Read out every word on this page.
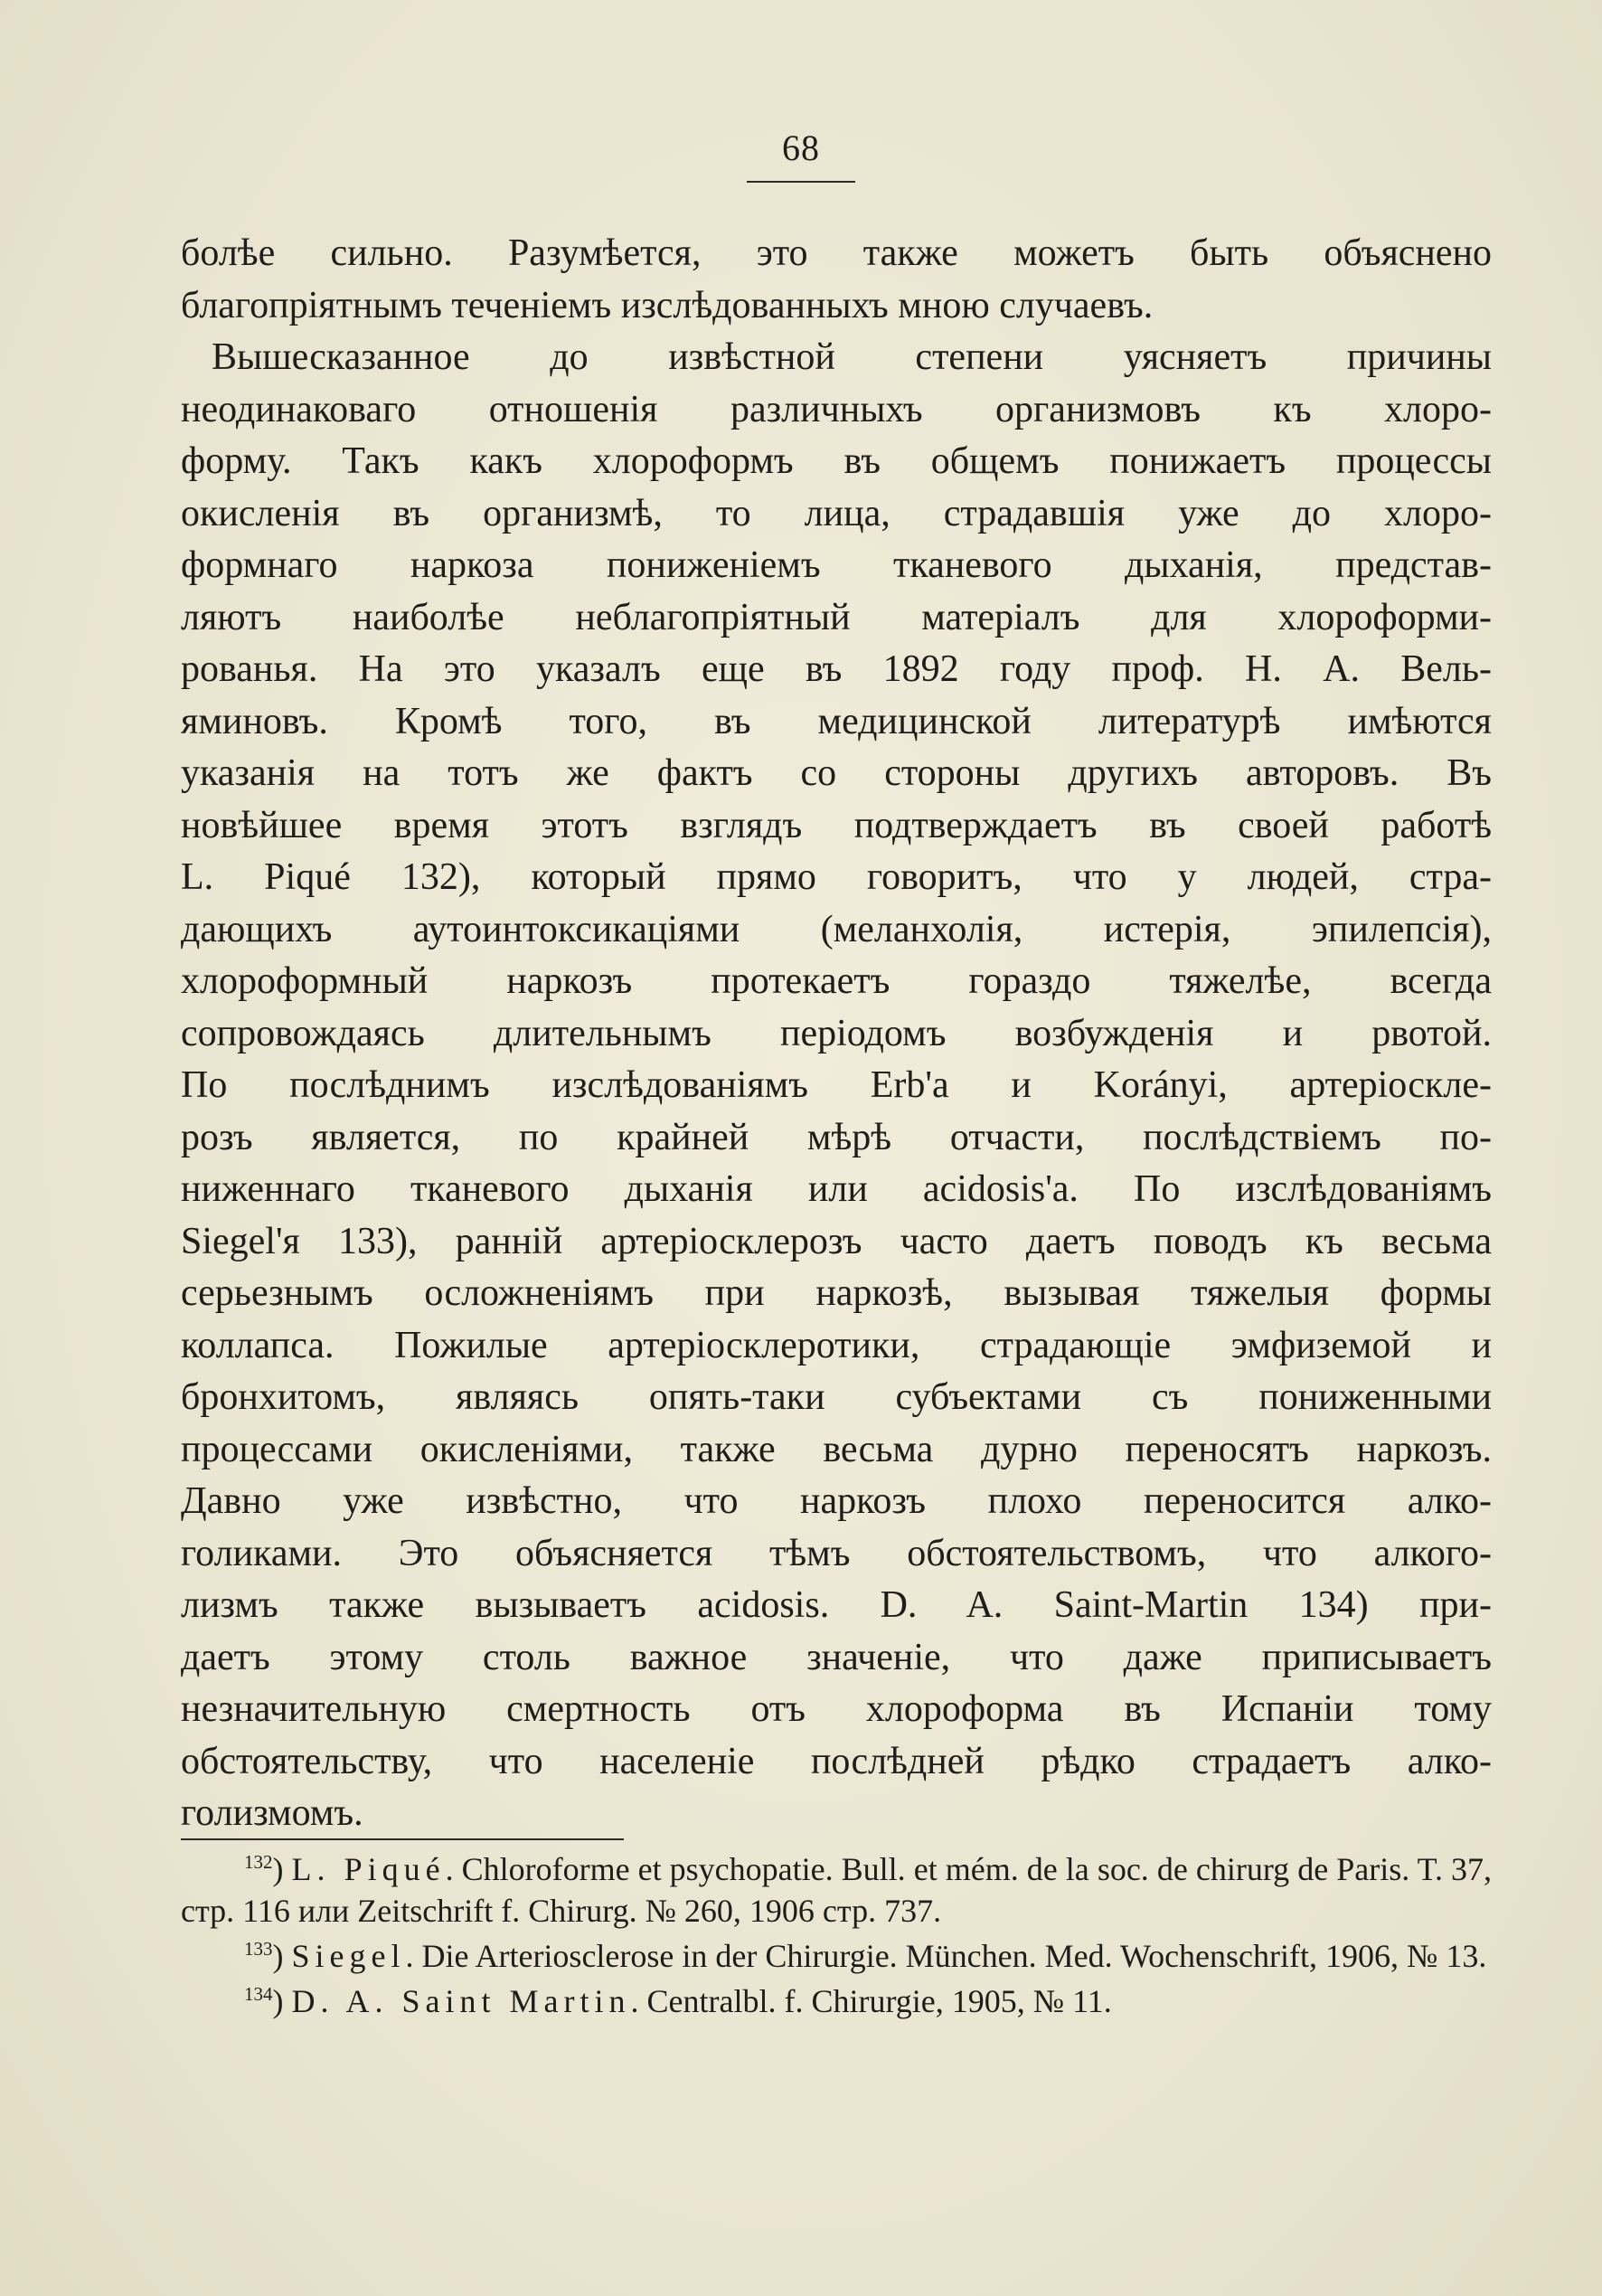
68

болѣе сильно. Разумѣется, это также можетъ быть объяснено

благопріятнымъ теченіемъ изслѣдованныхъ мною случаевъ.

Вышесказанное до извѣстной степени уясняетъ причины

неодинаковаго отношенія различныхъ организмовъ къ хлоро-

форму. Такъ какъ хлороформъ въ общемъ понижаетъ процессы

окисленія въ организмѣ, то лица, страдавшія уже до хлоро-

формнаго наркоза пониженіемъ тканевого дыханія, представ-

ляютъ наиболѣе неблагопріятный матеріалъ для хлороформи-

рованья. На это указалъ еще въ 1892 году проф. Н. А. Вель-

яминовъ. Кромѣ того, въ медицинской литературѣ имѣются

указанія на тотъ же фактъ со стороны другихъ авторовъ. Въ

новѣйшее время этотъ взглядъ подтверждаетъ въ своей работѣ

L. Piqué 132), который прямо говоритъ, что у людей, стра-

дающихъ аутоинтоксикаціями (меланхолія, истерія, эпилепсія),

хлороформный наркозъ протекаетъ гораздо тяжелѣе, всегда

сопровождаясь длительнымъ періодомъ возбужденія и рвотой.

По послѣднимъ изслѣдованіямъ Erb'a и Korányi, артеріоскле-

розъ является, по крайней мѣрѣ отчасти, послѣдствіемъ по-

ниженнаго тканевого дыханія или acidosis'a. По изслѣдованіямъ

Siegel'я 133), ранній артеріосклерозъ часто даетъ поводъ къ весьма

серьезнымъ осложненіямъ при наркозѣ, вызывая тяжелыя формы

коллапса. Пожилые артеріосклеротики, страдающіе эмфиземой и

бронхитомъ, являясь опять-таки субъектами съ пониженными

процессами окисленіями, также весьма дурно переносятъ наркозъ.

Давно уже извѣстно, что наркозъ плохо переносится алко-

голиками. Это объясняется тѣмъ обстоятельствомъ, что алкого-

лизмъ также вызываетъ acidosis. D. A. Saint-Martin 134) при-

даетъ этому столь важное значеніе, что даже приписываетъ

незначительную смертность отъ хлороформа въ Испаніи тому

обстоятельству, что населеніе послѣдней рѣдко страдаетъ алко-

голизмомъ.

$^{132}$) L. Piqué. Chloroforme et psychopatie. Bull. et mém. de la soc. de chirurg de Paris. T. 37, стр. 116 или Zeitschrift f. Chirurg. № 260, 1906 стр. 737.

$^{133}$) Siegel. Die Arteriosclerose in der Chirurgie. München. Med. Wochenschrift, 1906, № 13.

$^{134}$) D. A. Saint Martin. Centralbl. f. Chirurgie, 1905, № 11.
